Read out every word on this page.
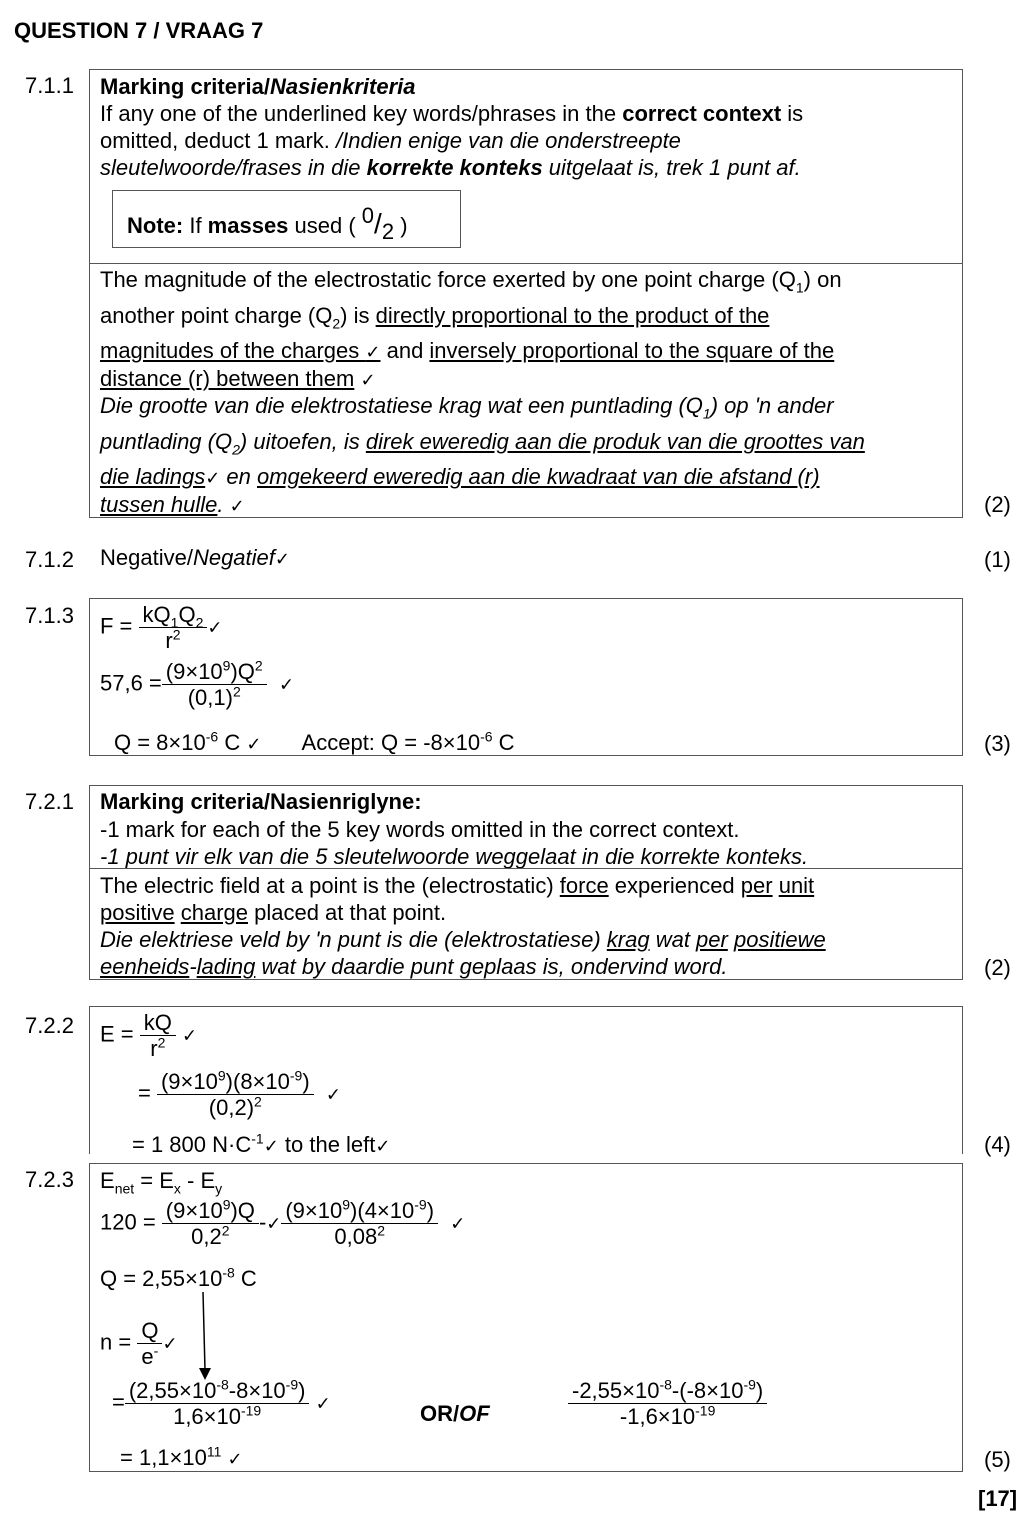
QUESTION 7 / VRAAG 7
7.1.1 Marking criteria/Nasienkriteria
If any one of the underlined key words/phrases in the correct context is
omitted, deduct 1 mark. /Indien enige van die onderstreepte
sleutelwoorde/frases in die korrekte konteks uitgelaat is, trek 1 punt af.
Note: If masses used ( 0/2 )
The magnitude of the electrostatic force exerted by one point charge $(Q_1)$ on
another point charge $(Q_2)$ is directly proportional to the product of the
magnitudes of the charges ✓ and inversely proportional to the square of the
distance (r) between them ✓
Die grootte van die elektrostatiese krag wat een puntlading $(Q_1)$ op 'n ander
puntlading $(Q_2)$ uitoefen, is direk eweredig aan die produk van die groottes van
die ladings✓ en omgekeerd eweredig aan die kwadraat van die afstand (r)
tussen hulle. ✓	(2)
7.1.2 Negative/Negatief✓	(1)
7.1.3 $F = \frac{kQ_1Q_2}{r^2}$ ✓
$57,6 = \frac{(9\times 10^9)Q^2}{(0,1)^2}$ ✓
$Q = 8\times 10^{-6}$ C ✓ Accept: $Q = -8\times 10^{-6}$ C	(3)
7.2.1 Marking criteria/Nasienriglyne:
-1 mark for each of the 5 key words omitted in the correct context.
-1 punt vir elk van die 5 sleutelwoorde weggelaat in die korrekte konteks.
The electric field at a point is the (electrostatic) force experienced per unit
positive charge placed at that point.
Die elektriese veld by 'n punt is die (elektrostatiese) krag wat per positiewe
eenheids-lading wat by daardie punt geplaas is, ondervind word.	(2)
7.2.2 $E = \frac{kQ}{r^2}$ ✓
= $\frac{(9\times 10^9)(8\times 10^{-9})}{(0,2)^2}$ ✓
= 1 800 $N\cdot C^{-1}✓$ to the left✓	(4)
7.2.3 $E_{net} = E_x - E_y$
$120 = \frac{(9\times 10^9)Q}{0,2^2}$ -✓ $\frac{(9\times 10^9)(4\times 10^{-9})}{0,08^2}$ ✓
$Q = 2,55\times 10^{-8}$ C
$n = \frac{Q}{e^-}$ ✓
= $\frac{(2,55\times 10^{-8}-8\times 10^{-9})}{1,6\times 10^{-19}}$ ✓	OR/OF	$\frac{-2,55\times 10^{-8}-(-8\times 10^{-9})}{-1,6\times 10^{-19}}$
= $1,1\times 10^{11}$ ✓	(5)
[17]
